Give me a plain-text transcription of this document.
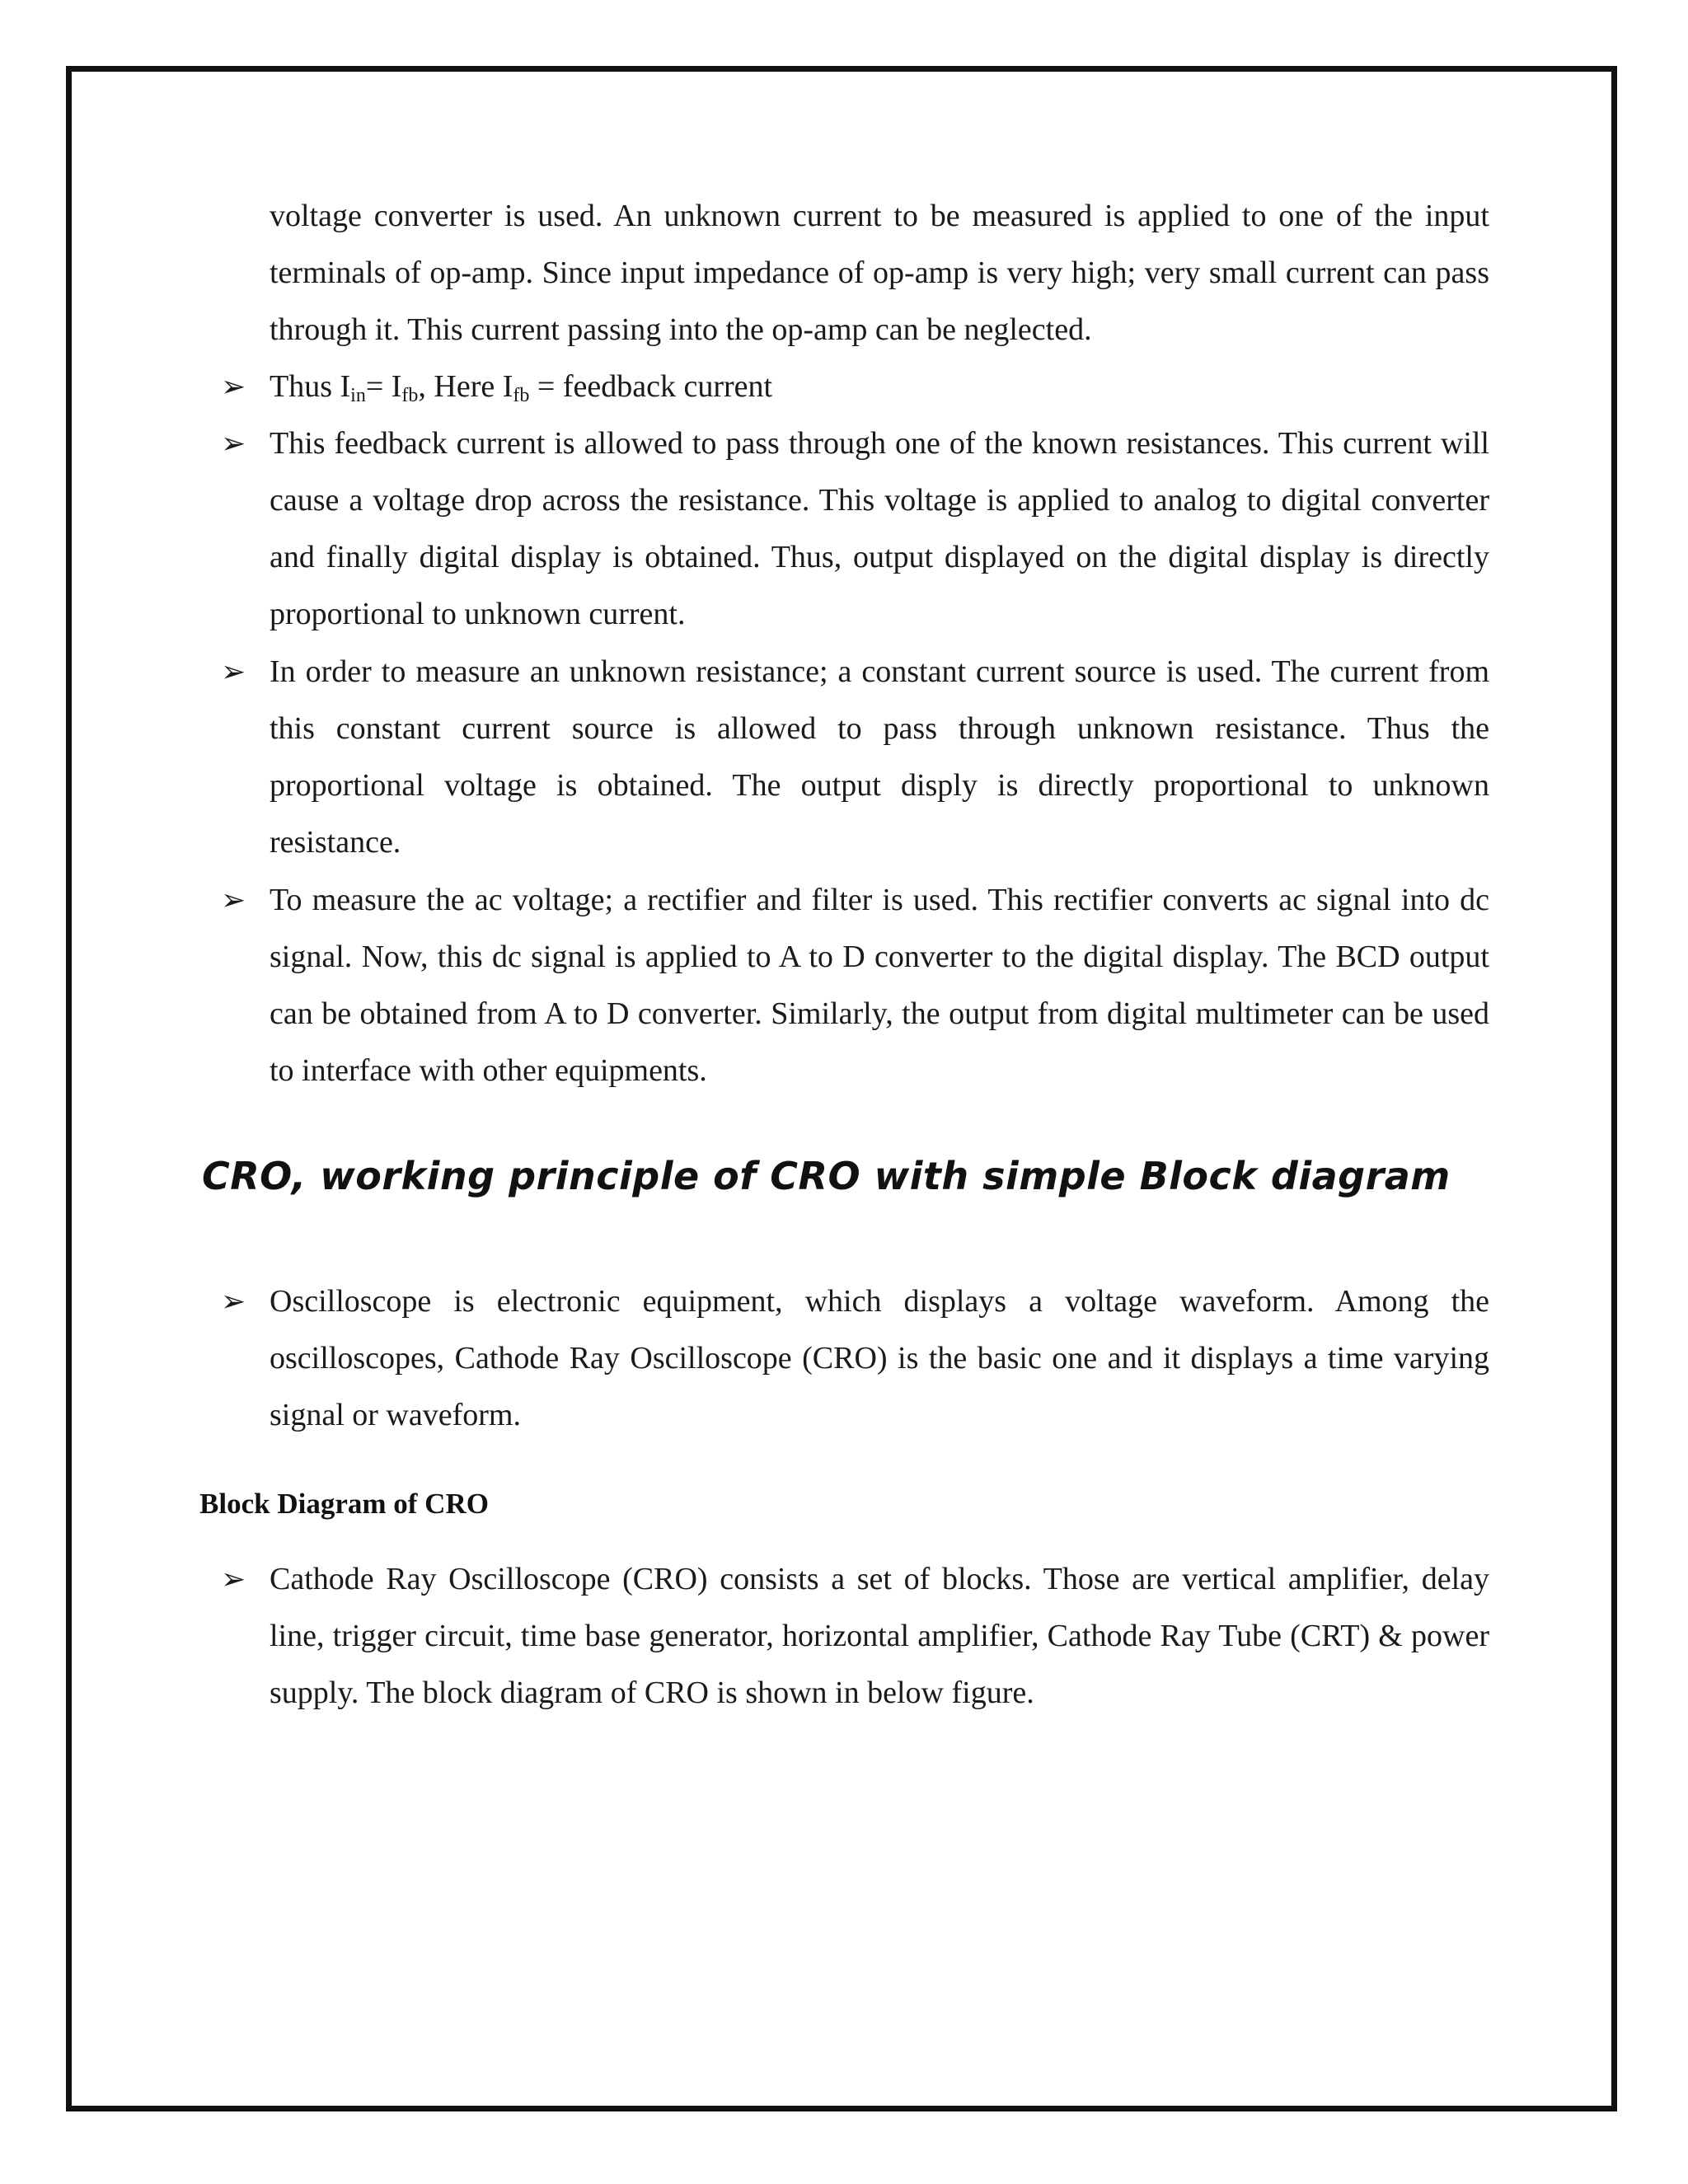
voltage converter is used. An unknown current to be measured is applied to one of the input terminals of op-amp. Since input impedance of op-amp is very high; very small current can pass through it. This current passing into the op-amp can be neglected.
➢ Thus $I_{in}= I_{fb}$, Here $I_{fb}$ = feedback current
➢ This feedback current is allowed to pass through one of the known resistances. This current will cause a voltage drop across the resistance. This voltage is applied to analog to digital converter and finally digital display is obtained. Thus, output displayed on the digital display is directly proportional to unknown current.
➢ In order to measure an unknown resistance; a constant current source is used. The current from this constant current source is allowed to pass through unknown resistance. Thus the proportional voltage is obtained. The output disply is directly proportional to unknown resistance.
➢ To measure the ac voltage; a rectifier and filter is used. This rectifier converts ac signal into dc signal. Now, this dc signal is applied to A to D converter to the digital display. The BCD output can be obtained from A to D converter. Similarly, the output from digital multimeter can be used to interface with other equipments.
CRO, working principle of CRO with simple Block diagram
➢ Oscilloscope is electronic equipment, which displays a voltage waveform. Among the oscilloscopes, Cathode Ray Oscilloscope (CRO) is the basic one and it displays a time varying signal or waveform.
Block Diagram of CRO
➢ Cathode Ray Oscilloscope (CRO) consists a set of blocks. Those are vertical amplifier, delay line, trigger circuit, time base generator, horizontal amplifier, Cathode Ray Tube (CRT) & power supply. The block diagram of CRO is shown in below figure.
